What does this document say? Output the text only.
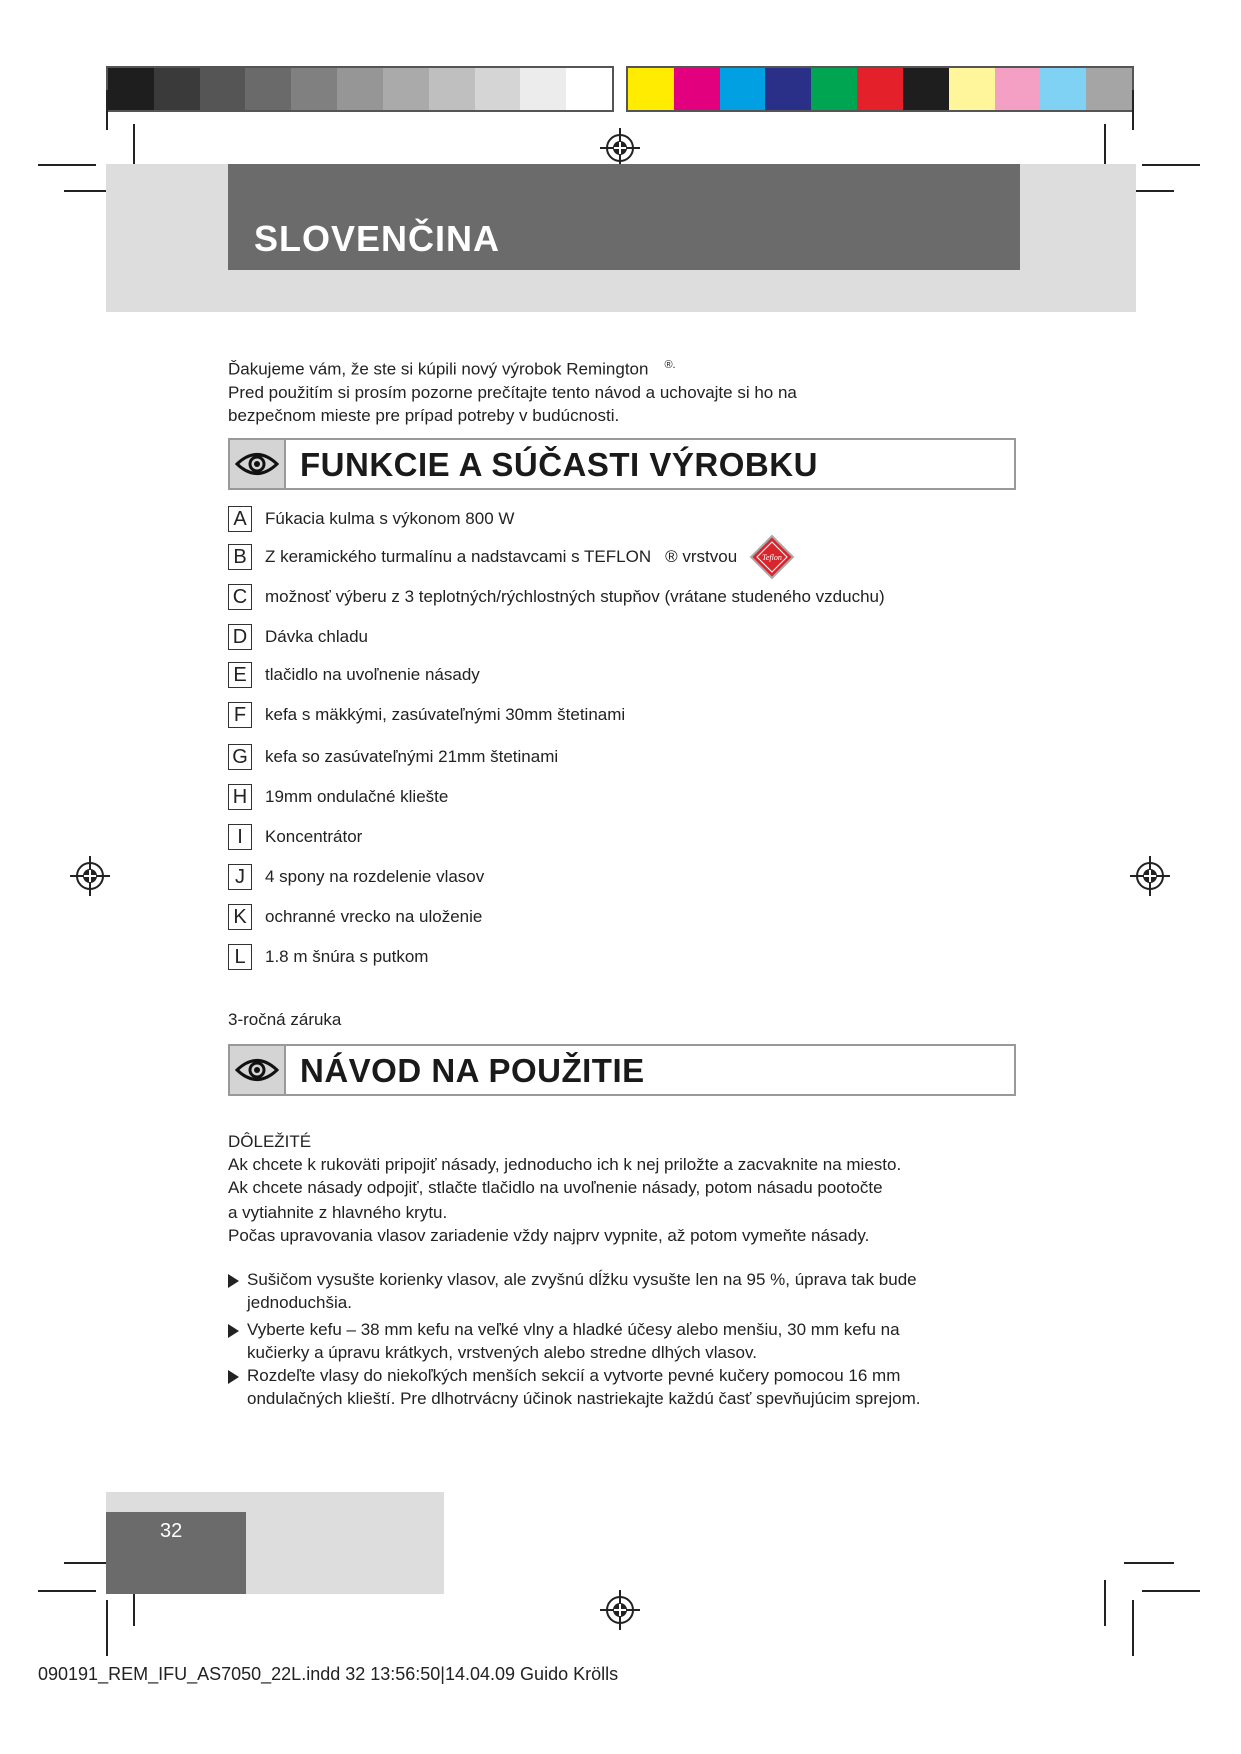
SLOVENČINA
Ďakujeme vám, že ste si kúpili nový výrobok Remington ®.
Pred použitím si prosím pozorne prečítajte tento návod a uchovajte si ho na
bezpečnom mieste pre prípad potreby v budúcnosti.
FUNKCIE A SÚČASTI VÝROBKU
A	Fúkacia kulma s výkonom 800 W
B	Z keramického turmalínu a nadstavcami s TEFLON ® vrstvou	Teflon
C možnosť výberu z 3 teplotných/rýchlostných stupňov (vrátane studeného vzduchu)
D Dávka chladu
E	tlačidlo na uvoľnenie násady
F	kefa s mäkkými, zasúvateľnými 30mm štetinami
G kefa so zasúvateľnými 21mm štetinami
H 19mm ondulačné kliešte
I	Koncentrátor
J	4 spony na rozdelenie vlasov
K	ochranné vrecko na uloženie
L	1.8 m šnúra s putkom
3-ročná záruka
NÁVOD NA POUŽITIE
DÔLEŽITÉ
Ak chcete k rukoväti pripojiť násady, jednoducho ich k nej priložte a zacvaknite na miesto.
Ak chcete násady odpojiť, stlačte tlačidlo na uvoľnenie násady, potom násadu pootočte
a vytiahnite z hlavného krytu.
Počas upravovania vlasov zariadenie vždy najprv vypnite, až potom vymeňte násady.
Sušičom vysušte korienky vlasov, ale zvyšnú dĺžku vysušte len na 95 %, úprava tak bude
jednoduchšia.
Vyberte kefu – 38 mm kefu na veľké vlny a hladké účesy alebo menšiu, 30 mm kefu na
kučierky a úpravu krátkych, vrstvených alebo stredne dlhých vlasov.
Rozdeľte vlasy do niekoľkých menších sekcií a vytvorte pevné kučery pomocou 16 mm
ondulačných klieští. Pre dlhotrvácny účinok nastriekajte každú časť spevňujúcim sprejom.
32
090191_REM_IFU_AS7050_22L.indd 32 13:56:50|14.04.09 Guido Krölls
